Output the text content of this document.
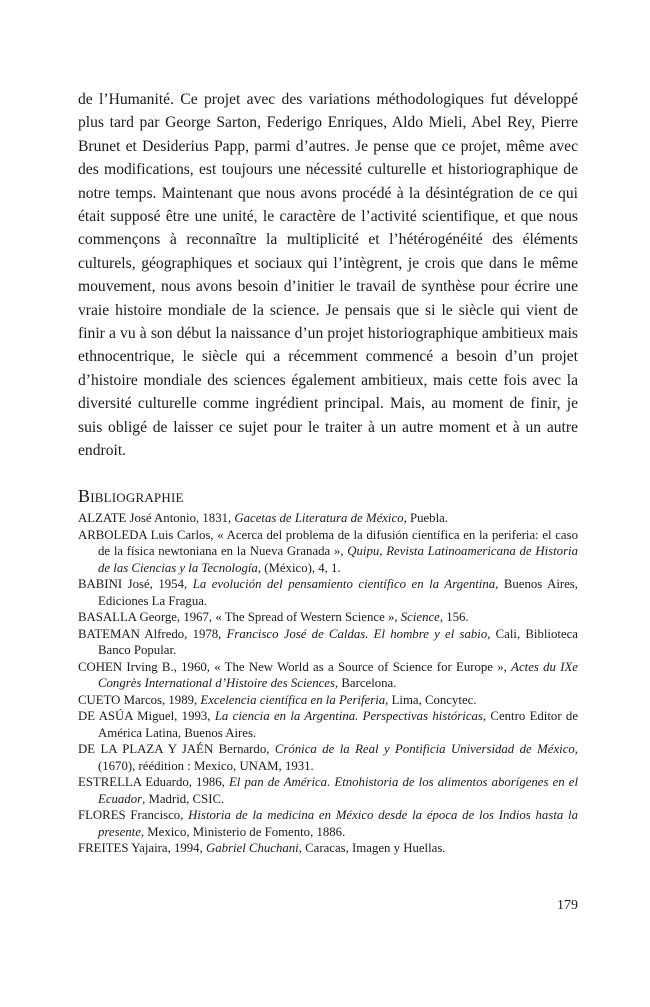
de l’Humanité. Ce projet avec des variations méthodologiques fut développé plus tard par George Sarton, Federigo Enriques, Aldo Mieli, Abel Rey, Pierre Brunet et Desiderius Papp, parmi d’autres. Je pense que ce projet, même avec des modifications, est toujours une nécessité culturelle et historiographique de notre temps. Maintenant que nous avons procédé à la désintégration de ce qui était supposé être une unité, le caractère de l’activité scientifique, et que nous commençons à reconnaître la multiplicité et l’hétérogénéité des éléments culturels, géographiques et sociaux qui l’intègrent, je crois que dans le même mouvement, nous avons besoin d’initier le travail de synthèse pour écrire une vraie histoire mondiale de la science. Je pensais que si le siècle qui vient de finir a vu à son début la naissance d’un projet historiographique ambitieux mais ethnocentrique, le siècle qui a récemment commencé a besoin d’un projet d’histoire mondiale des sciences également ambitieux, mais cette fois avec la diversité culturelle comme ingrédient principal. Mais, au moment de finir, je suis obligé de laisser ce sujet pour le traiter à un autre moment et à un autre endroit.

Bibliographie
ALZATE José Antonio, 1831, Gacetas de Literatura de México, Puebla.
ARBOLEDA Luis Carlos, « Acerca del problema de la difusión científica en la periferia: el caso de la física newtoniana en la Nueva Granada », Quipu, Revista Latinoamericana de Historia de las Ciencias y la Tecnología, (México), 4, 1.
BABINI José, 1954, La evolución del pensamiento científico en la Argentina, Buenos Aires, Ediciones La Fragua.
BASALLA George, 1967, « The Spread of Western Science », Science, 156.
BATEMAN Alfredo, 1978, Francisco José de Caldas. El hombre y el sabio, Cali, Biblioteca Banco Popular.
COHEN Irving B., 1960, « The New World as a Source of Science for Europe », Actes du IXe Congrès International d’Histoire des Sciences, Barcelona.
CUETO Marcos, 1989, Excelencia científica en la Periferia, Lima, Concytec.
DE ASÚA Miguel, 1993, La ciencia en la Argentina. Perspectivas históricas, Centro Editor de América Latina, Buenos Aires.
DE LA PLAZA Y JAÉN Bernardo, Crónica de la Real y Pontificia Universidad de México, (1670), réédition : Mexico, UNAM, 1931.
ESTRELLA Eduardo, 1986, El pan de América. Etnohistoria de los alimentos aborígenes en el Ecuador, Madrid, CSIC.
FLORES Francisco, Historia de la medicina en México desde la época de los Indios hasta la presente, Mexico, Ministerio de Fomento, 1886.
FREITES Yajaira, 1994, Gabriel Chuchani, Caracas, Imagen y Huellas.
179
